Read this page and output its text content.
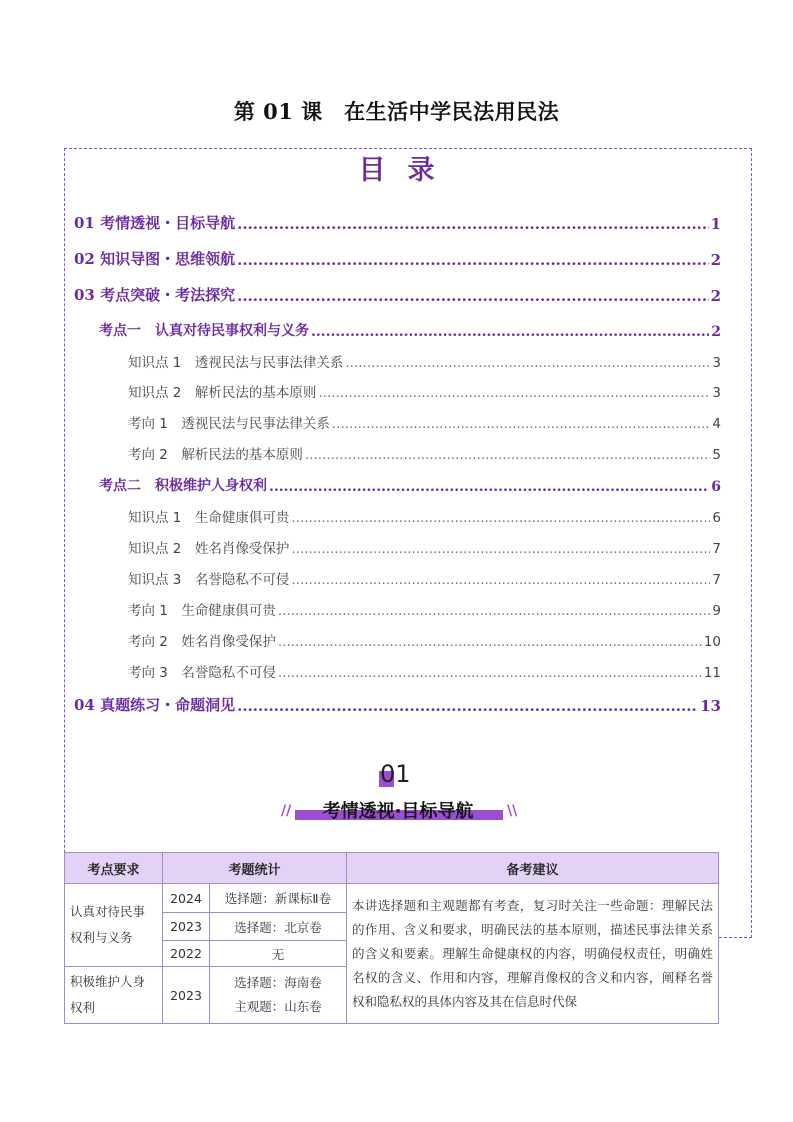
第 01 课　在生活中学民法用民法
目录
01 考情透视・目标导航 .....	1
02 知识导图・思维领航 .....	2
03 考点突破・考法探究 .....	2
考点一　认真对待民事权利与义务 .....	2
知识点 1　透视民法与民事法律关系 .....	3
知识点 2　解析民法的基本原则 .....	3
考向 1　透视民法与民事法律关系 .....	4
考向 2　解析民法的基本原则 .....	5
考点二　积极维护人身权利 .....	6
知识点 1　生命健康俱可贵 .....	6
知识点 2　姓名肖像受保护 .....	7
知识点 3　名誉隐私不可侵 .....	7
考向 1　生命健康俱可贵 .....	9
考向 2　姓名肖像受保护 .....	10
考向 3　名誉隐私不可侵 .....	11
04 真题练习・命题洞见 .....	13
01
//	考情透视·目标导航	\\
考点要求	考题统计		备考建议
认真对待民事权利与义务	2024	选择题：新课标Ⅱ卷	本讲选择题和主观题都有考查，复习时关注一些命题：理解民法的作用、含义和要求，明确民法的基本原则，描述民事法律关系的含义和要素。理解生命健康权的内容，明确侵权责任，明确姓名权的含义、作用和内容，理解肖像权的含义和内容，阐释名誉权和隐私权的具体内容及其在信息时代保
	2023	选择题：北京卷	
	2022	无	
积极维护人身权利	2023	选择题：海南卷
主观题：山东卷	
